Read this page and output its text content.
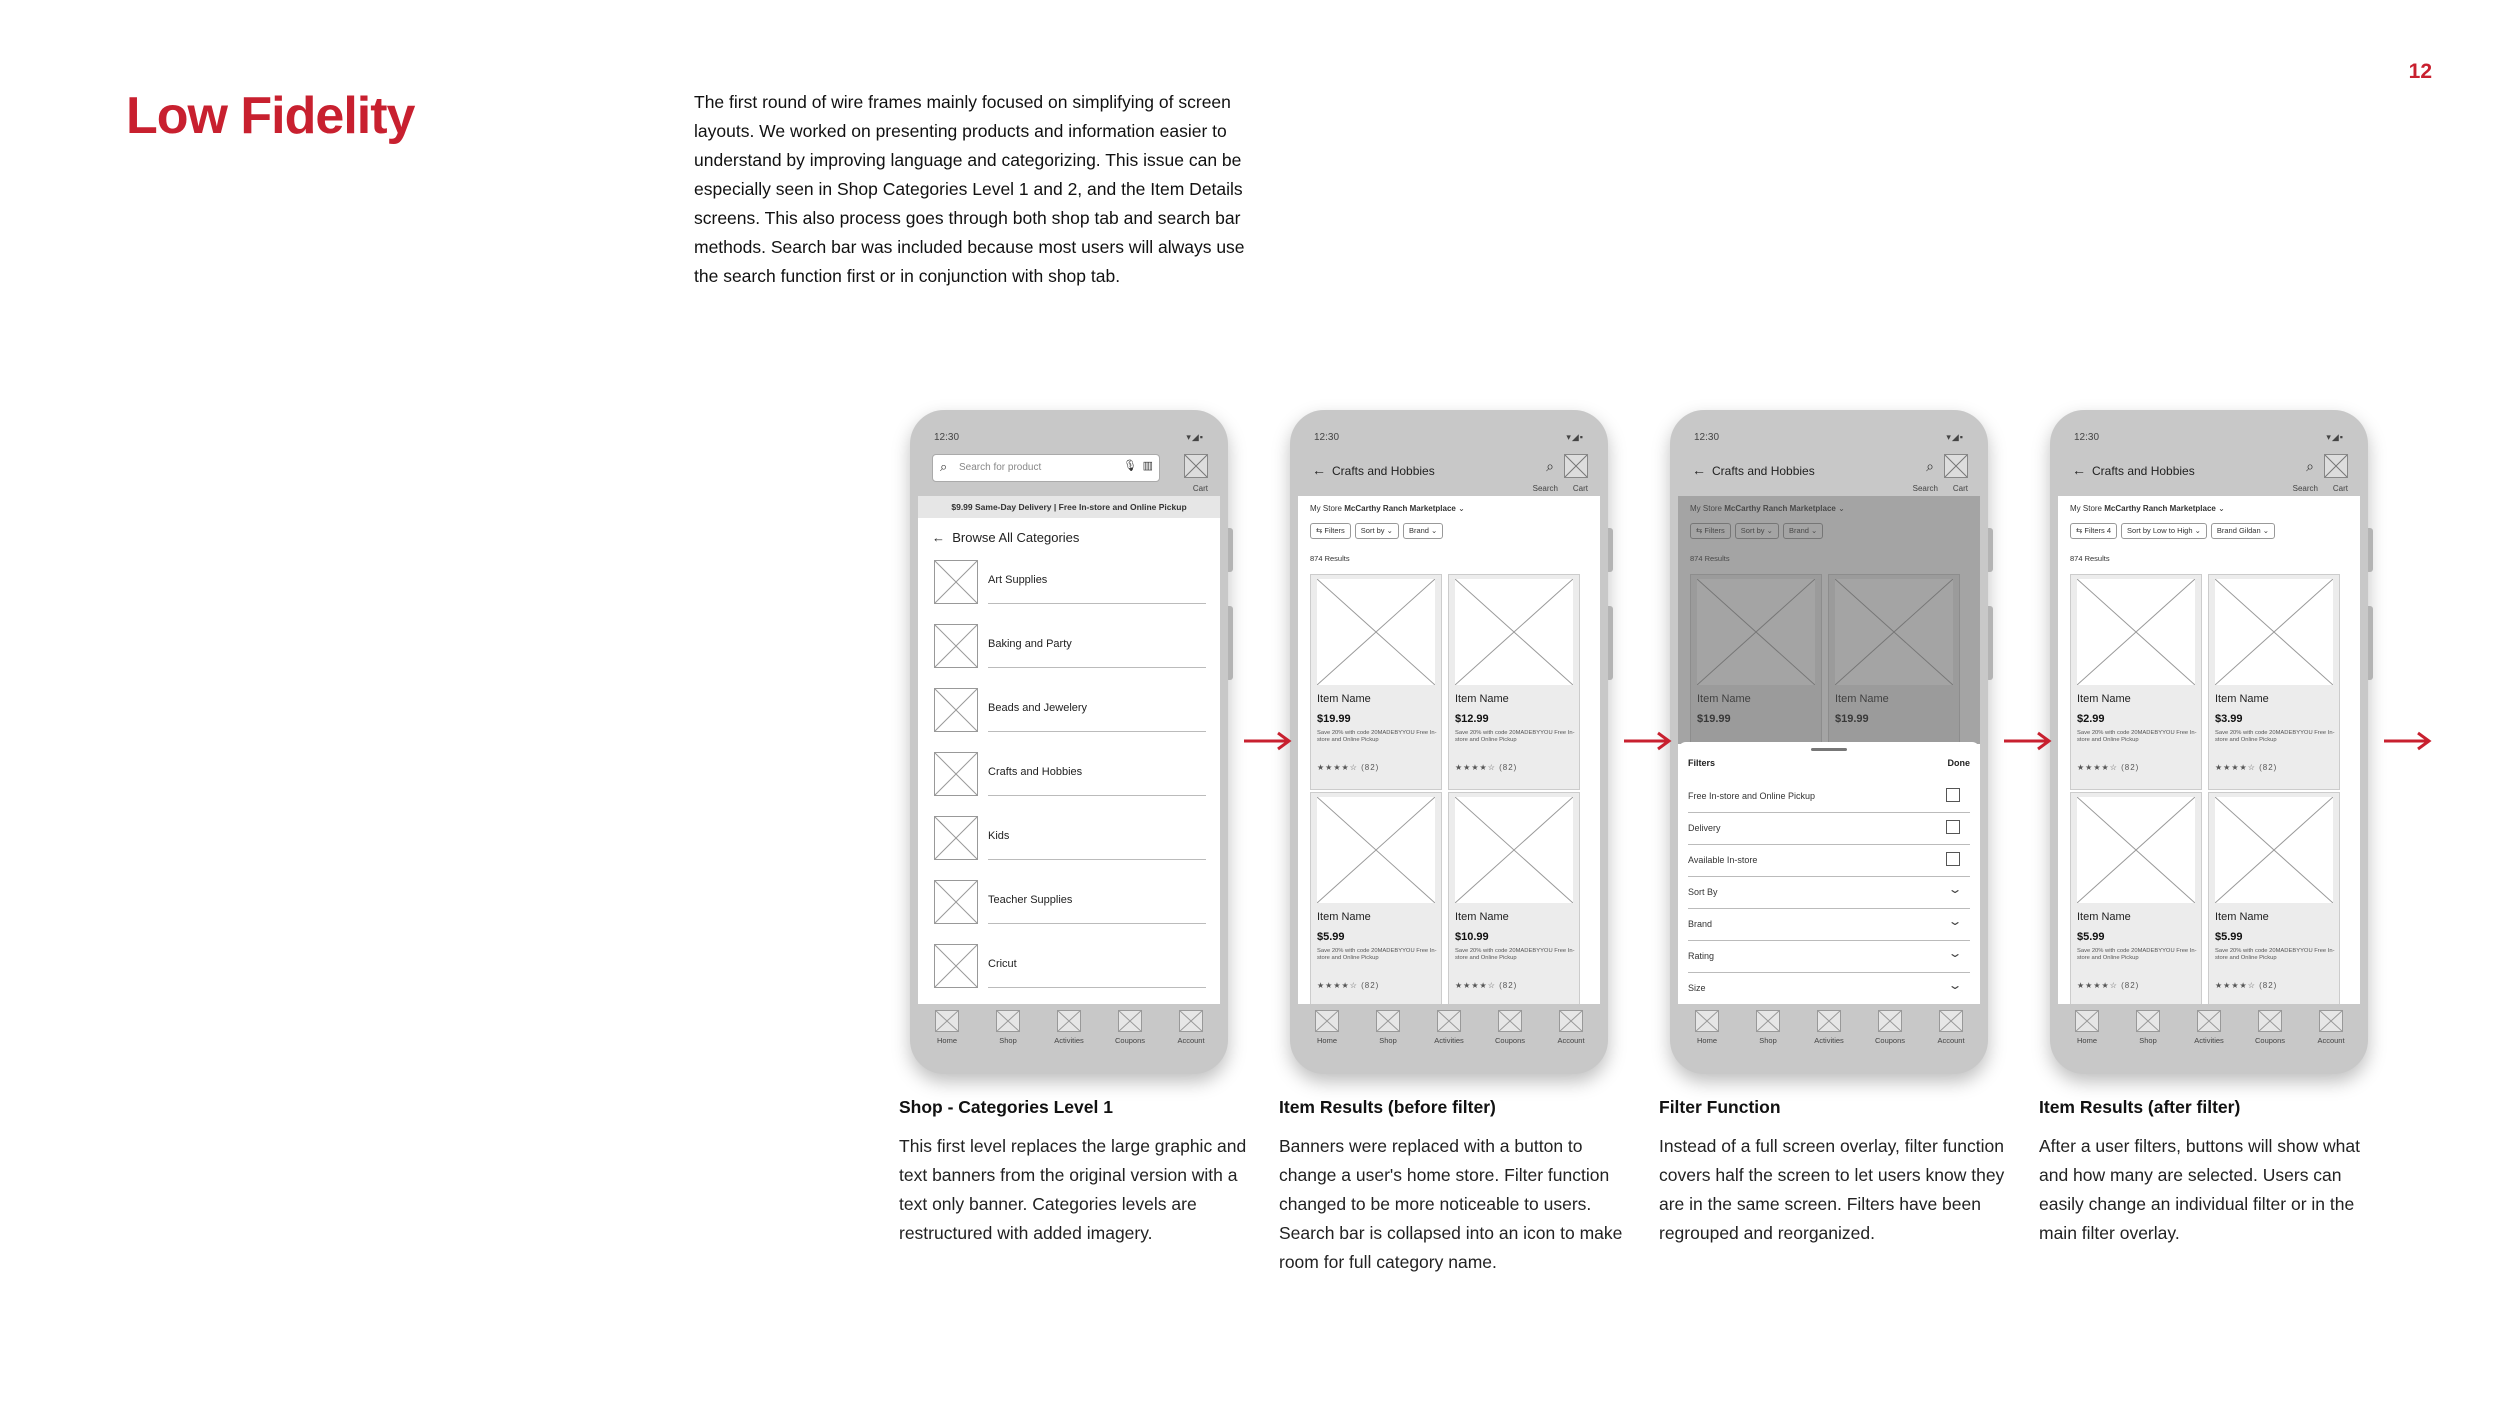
12
Low Fidelity	The first round of wire frames mainly focused on simplifying of screen layouts. We worked on presenting products and information easier to understand by improving language and categorizing. This issue can be especially seen in Shop Categories Level 1 and 2, and the Item Details screens. This also process goes through both shop tab and search bar methods. Search bar was included because most users will always use the search function first or in conjunction with shop tab.

12:30	▾◢▪
⌕ Search for product	🎙 ▥
Cart
$9.99 Same-Day Delivery | Free In-store and Online Pickup
←  Browse All Categories
Art Supplies
Baking and Party
Beads and Jewelery
Crafts and Hobbies
Kids
Teacher Supplies
Cricut
Home	Shop	Activities	Coupons	Account
12:30	▾◢▪
← Crafts and Hobbies	⌕
Search Cart
My Store McCarthy Ranch Marketplace ⌄
⇆ Filters Sort by ⌄ Brand ⌄
874 Results
Item Name
$19.99
Save 20% with code 20MADEBYYOU Free In-store and Online Pickup
★★★★☆ (82)
Item Name
$12.99
Save 20% with code 20MADEBYYOU Free In-store and Online Pickup
★★★★☆ (82)
Item Name
$5.99
Save 20% with code 20MADEBYYOU Free In-store and Online Pickup
★★★★☆ (82)
Item Name
$10.99
Save 20% with code 20MADEBYYOU Free In-store and Online Pickup
★★★★☆ (82)
Home	Shop	Activities	Coupons	Account
12:30	▾◢▪
← Crafts and Hobbies	⌕
Search Cart
Filters	Done
Free In-store and Online Pickup
Delivery
Available In-store
Sort By	⌄
Brand	⌄
Rating	⌄
Size	⌄
Home	Shop	Activities	Coupons	Account
12:30	▾◢▪
← Crafts and Hobbies	⌕
Search Cart
My Store McCarthy Ranch Marketplace ⌄
⇆ Filters 4 Sort by Low to High ⌄ Brand Gildan ⌄
874 Results
Item Name
$2.99
Save 20% with code 20MADEBYYOU Free In-store and Online Pickup
★★★★☆ (82)
Item Name
$3.99
Save 20% with code 20MADEBYYOU Free In-store and Online Pickup
★★★★☆ (82)
Item Name
$5.99
Save 20% with code 20MADEBYYOU Free In-store and Online Pickup
★★★★☆ (82)
Item Name
$5.99
Save 20% with code 20MADEBYYOU Free In-store and Online Pickup
★★★★☆ (82)
Home	Shop	Activities	Coupons	Account
Shop - Categories Level 1

This first level replaces the large graphic and text banners from the original version with a text only banner. Categories levels are restructured with added imagery.

Item Results (before filter)

Banners were replaced with a button to change a user's home store. Filter function changed to be more noticeable to users. Search bar is collapsed into an icon to make room for full category name.

Filter Function

Instead of a full screen overlay, filter function covers half the screen to let users know they are in the same screen. Filters have been regrouped and reorganized.

Item Results (after filter)

After a user filters, buttons will show what and how many are selected. Users can easily change an individual filter or in the main filter overlay.
